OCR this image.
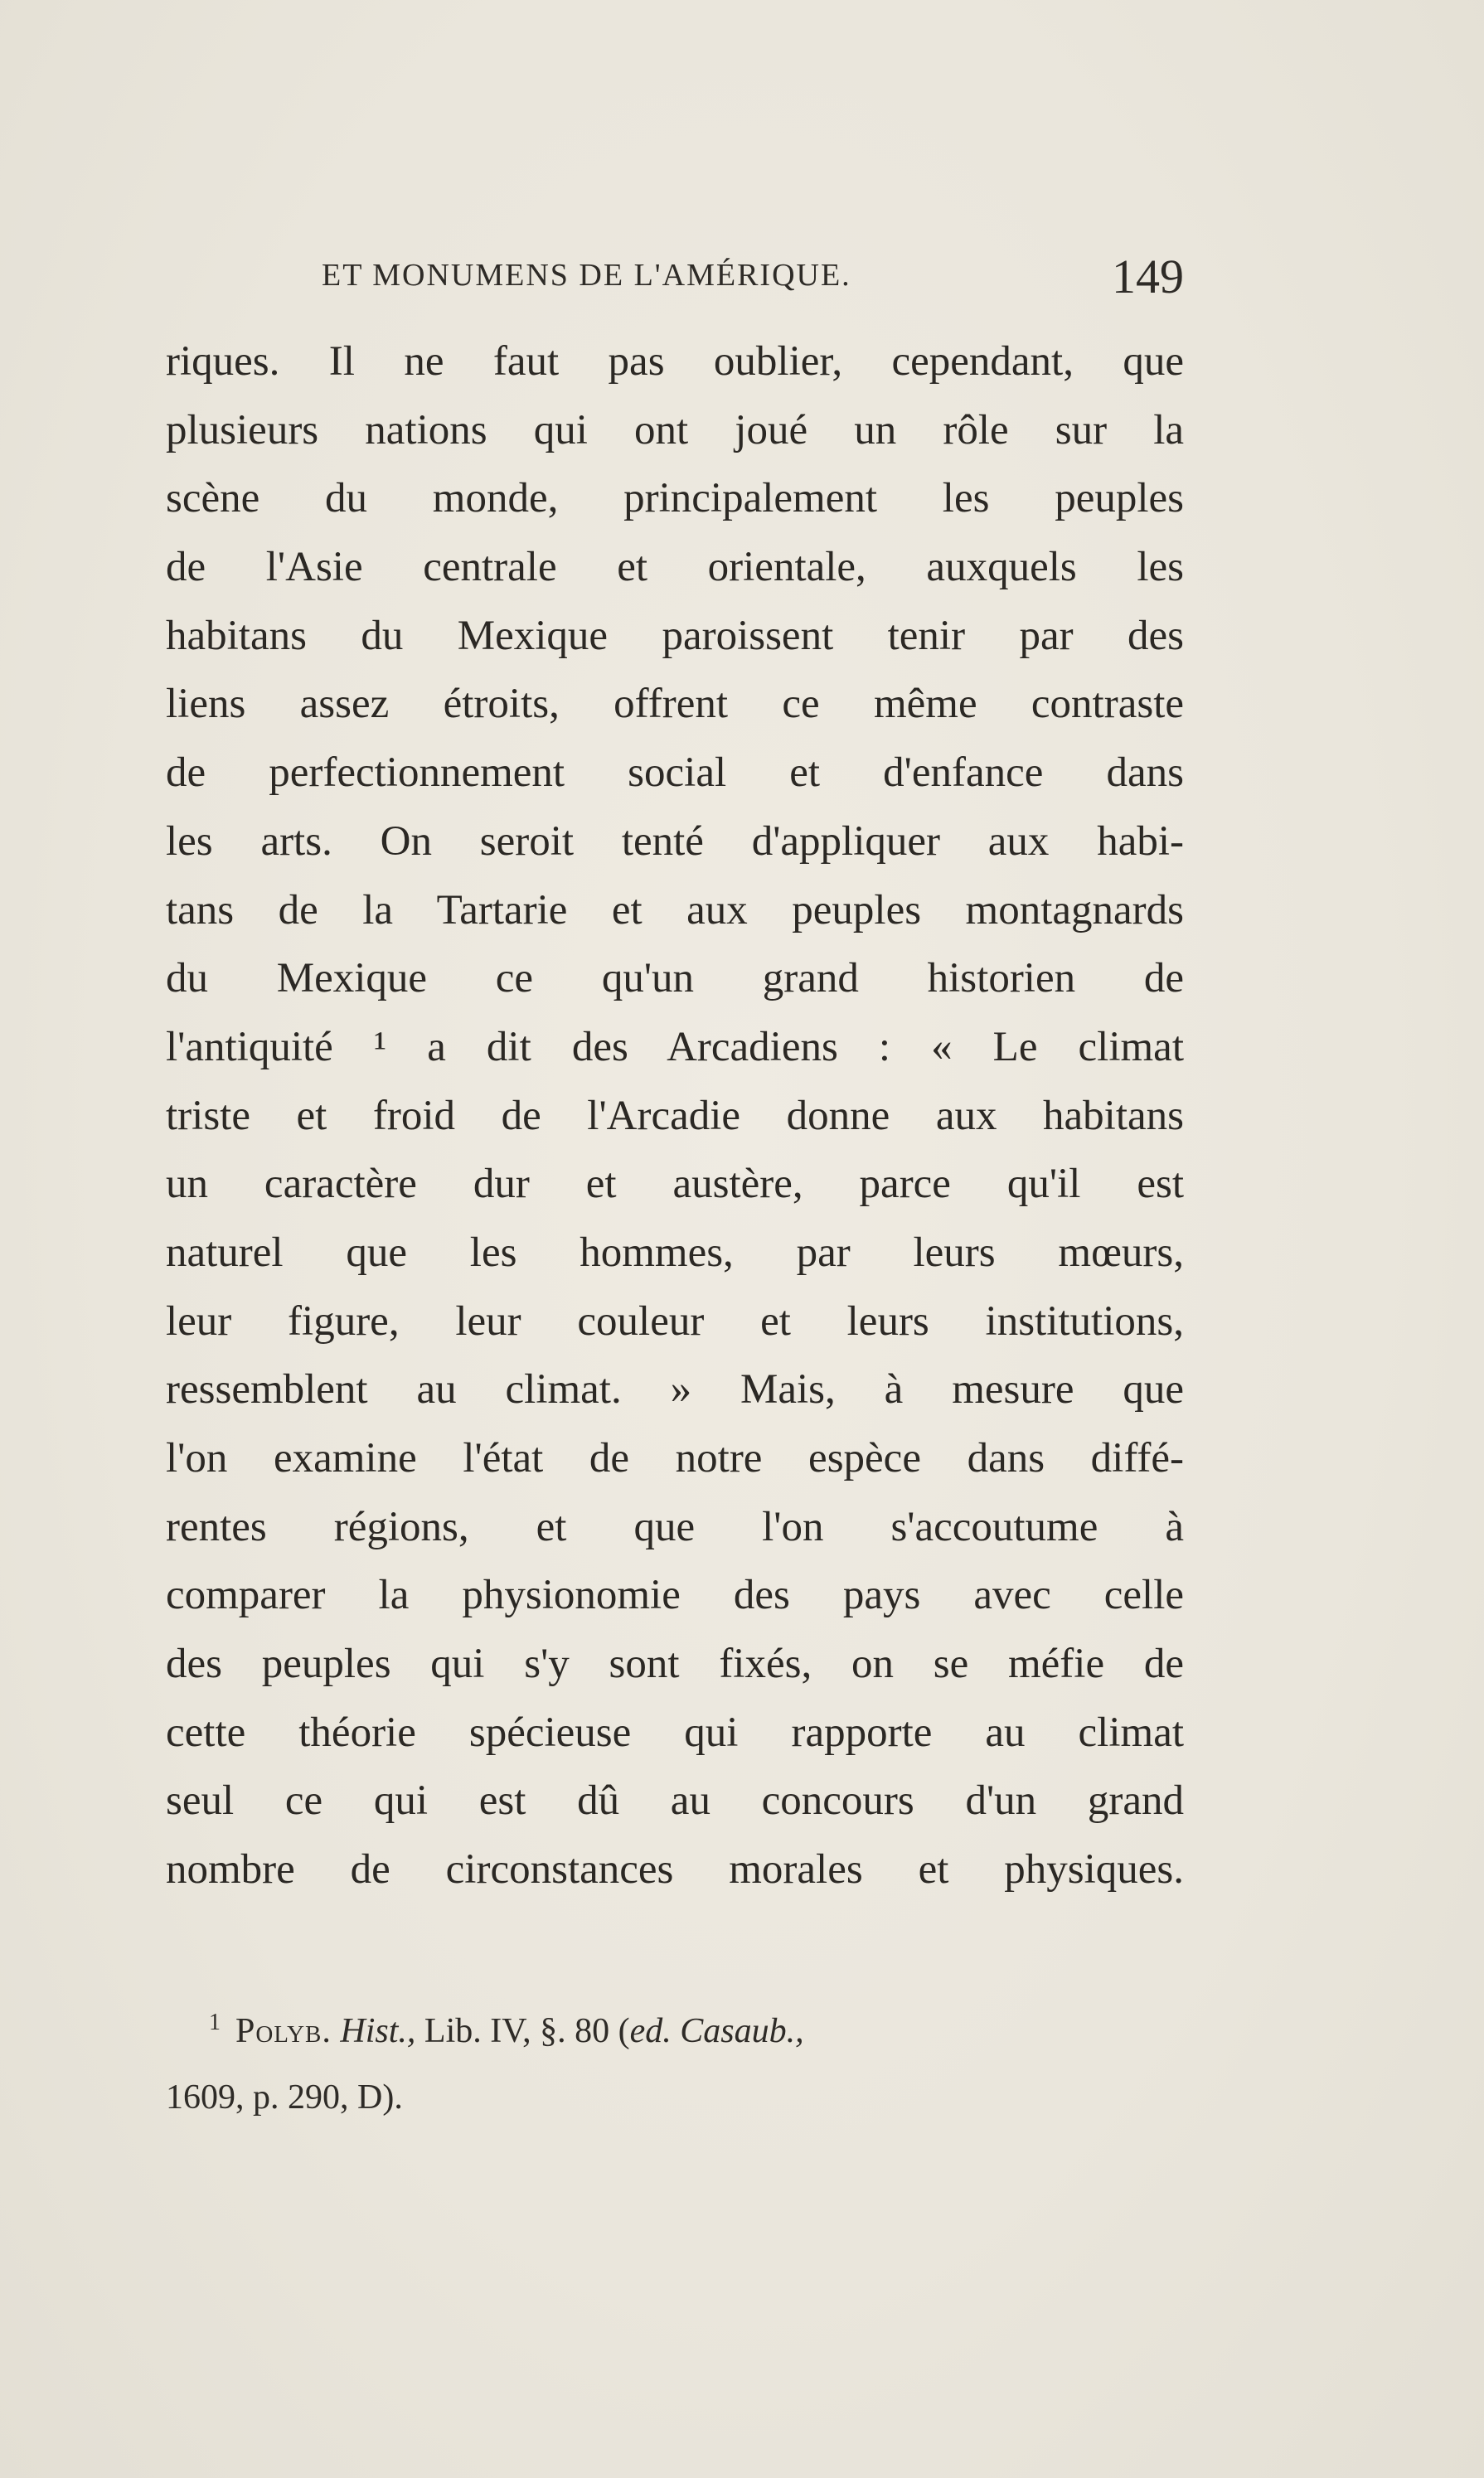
ET MONUMENS DE L'AMÉRIQUE.	149
riques. Il ne faut pas oublier, cependant, que
plusieurs nations qui ont joué un rôle sur la
scène du monde, principalement les peuples
de l'Asie centrale et orientale, auxquels les
habitans du Mexique paroissent tenir par des
liens assez étroits, offrent ce même contraste
de perfectionnement social et d'enfance dans
les arts. On seroit tenté d'appliquer aux habi-
tans de la Tartarie et aux peuples montagnards
du Mexique ce qu'un grand historien de
l'antiquité ¹ a dit des Arcadiens : « Le climat
triste et froid de l'Arcadie donne aux habitans
un caractère dur et austère, parce qu'il est
naturel que les hommes, par leurs mœurs,
leur figure, leur couleur et leurs institutions,
ressemblent au climat. » Mais, à mesure que
l'on examine l'état de notre espèce dans diffé-
rentes régions, et que l'on s'accoutume à
comparer la physionomie des pays avec celle
des peuples qui s'y sont fixés, on se méfie de
cette théorie spécieuse qui rapporte au climat
seul ce qui est dû au concours d'un grand
nombre de circonstances morales et physiques.
$^1$ Polyb. Hist., Lib. IV, §. 80 (ed. Casaub.,
1609, p. 290, D).
